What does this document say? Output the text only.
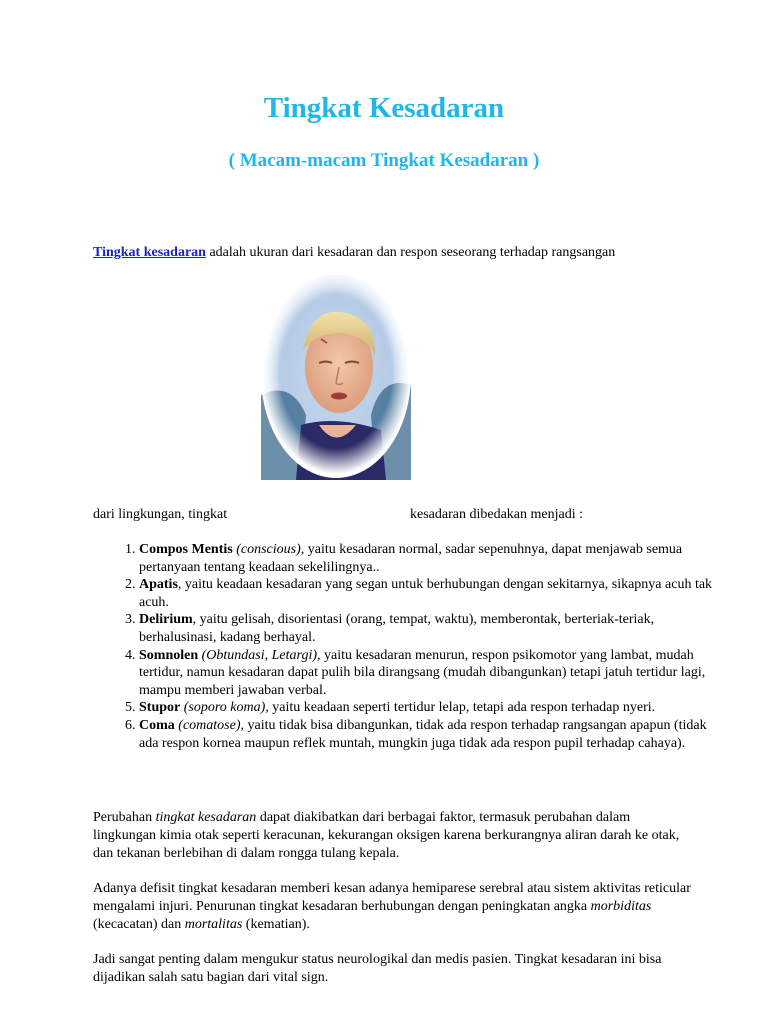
Tingkat Kesadaran
( Macam-macam Tingkat Kesadaran )

Tingkat kesadaran adalah ukuran dari kesadaran dan respon seseorang terhadap rangsangan

dari lingkungan, tingkat	kesadaran dibedakan menjadi :
1. Compos Mentis (conscious), yaitu kesadaran normal, sadar sepenuhnya, dapat menjawab semua pertanyaan tentang keadaan sekelilingnya..
2. Apatis, yaitu keadaan kesadaran yang segan untuk berhubungan dengan sekitarnya, sikapnya acuh tak acuh.
3. Delirium, yaitu gelisah, disorientasi (orang, tempat, waktu), memberontak, berteriak-teriak, berhalusinasi, kadang berhayal.
4. Somnolen (Obtundasi, Letargi), yaitu kesadaran menurun, respon psikomotor yang lambat, mudah tertidur, namun kesadaran dapat pulih bila dirangsang (mudah dibangunkan) tetapi jatuh tertidur lagi, mampu memberi jawaban verbal.
5. Stupor (soporo koma), yaitu keadaan seperti tertidur lelap, tetapi ada respon terhadap nyeri.
6. Coma (comatose), yaitu tidak bisa dibangunkan, tidak ada respon terhadap rangsangan apapun (tidak ada respon kornea maupun reflek muntah, mungkin juga tidak ada respon pupil terhadap cahaya).

Perubahan tingkat kesadaran dapat diakibatkan dari berbagai faktor, termasuk perubahan dalam lingkungan kimia otak seperti keracunan, kekurangan oksigen karena berkurangnya aliran darah ke otak, dan tekanan berlebihan di dalam rongga tulang kepala.

Adanya defisit tingkat kesadaran memberi kesan adanya hemiparese serebral atau sistem aktivitas reticular mengalami injuri. Penurunan tingkat kesadaran berhubungan dengan peningkatan angka morbiditas (kecacatan) dan mortalitas (kematian).

Jadi sangat penting dalam mengukur status neurologikal dan medis pasien. Tingkat kesadaran ini bisa dijadikan salah satu bagian dari vital sign.
